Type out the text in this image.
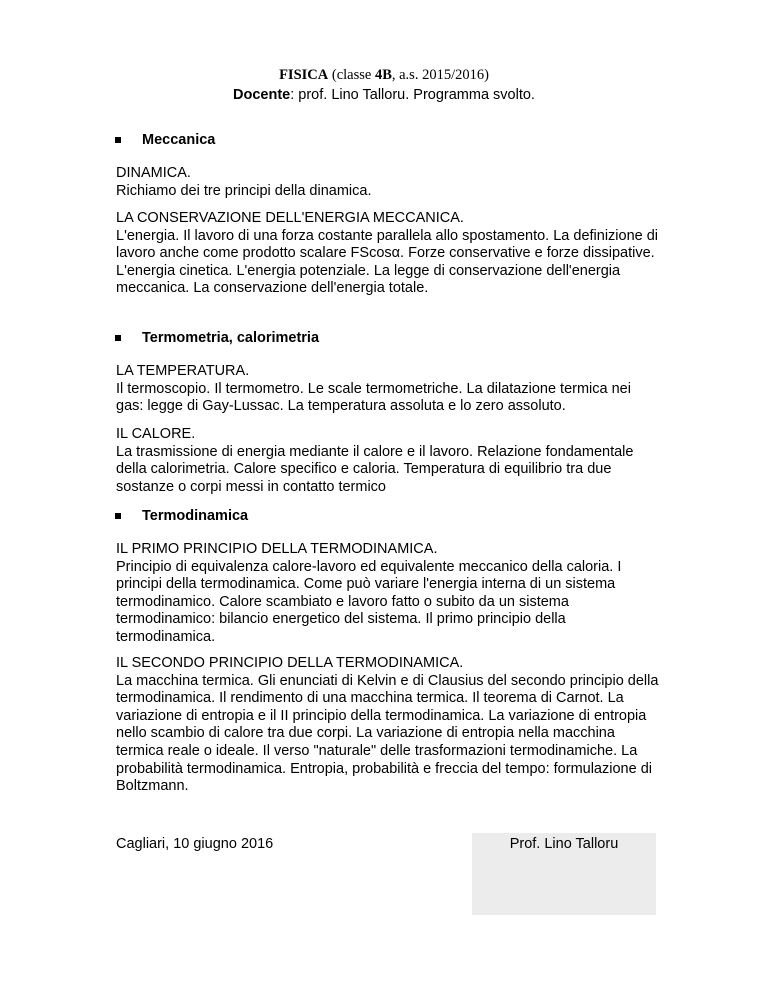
FISICA (classe 4B, a.s. 2015/2016)
Docente: prof. Lino Talloru. Programma svolto.
Meccanica

DINAMICA.

Richiamo dei tre principi della dinamica.

LA CONSERVAZIONE DELL'ENERGIA MECCANICA.

L'energia. Il lavoro di una forza costante parallela allo spostamento. La definizione di lavoro anche come prodotto scalare FScosα. Forze conservative e forze dissipative. L'energia cinetica. L'energia potenziale. La legge di conservazione dell'energia meccanica. La conservazione dell'energia totale.

Termometria, calorimetria

LA TEMPERATURA.

Il termoscopio. Il termometro. Le scale termometriche. La dilatazione termica nei gas: legge di Gay-Lussac. La temperatura assoluta e lo zero assoluto.

IL CALORE.

La trasmissione di energia mediante il calore e il lavoro. Relazione fondamentale della calorimetria. Calore specifico e caloria. Temperatura di equilibrio tra due sostanze o corpi messi in contatto termico

Termodinamica

IL PRIMO PRINCIPIO DELLA TERMODINAMICA.

Principio di equivalenza calore-lavoro ed equivalente meccanico della caloria. I principi della termodinamica. Come può variare l'energia interna di un sistema termodinamico. Calore scambiato e lavoro fatto o subito da un sistema termodinamico: bilancio energetico del sistema. Il primo principio della termodinamica.

IL SECONDO PRINCIPIO DELLA TERMODINAMICA.

La macchina termica. Gli enunciati di Kelvin e di Clausius del secondo principio della termodinamica. Il rendimento di una macchina termica. Il teorema di Carnot. La variazione di entropia e il II principio della termodinamica. La variazione di entropia nello scambio di calore tra due corpi. La variazione di entropia nella macchina termica reale o ideale. Il verso "naturale" delle trasformazioni termodinamiche. La probabilità termodinamica. Entropia, probabilità e freccia del tempo: formulazione di Boltzmann.

Cagliari, 10 giugno 2016	Prof. Lino Talloru
